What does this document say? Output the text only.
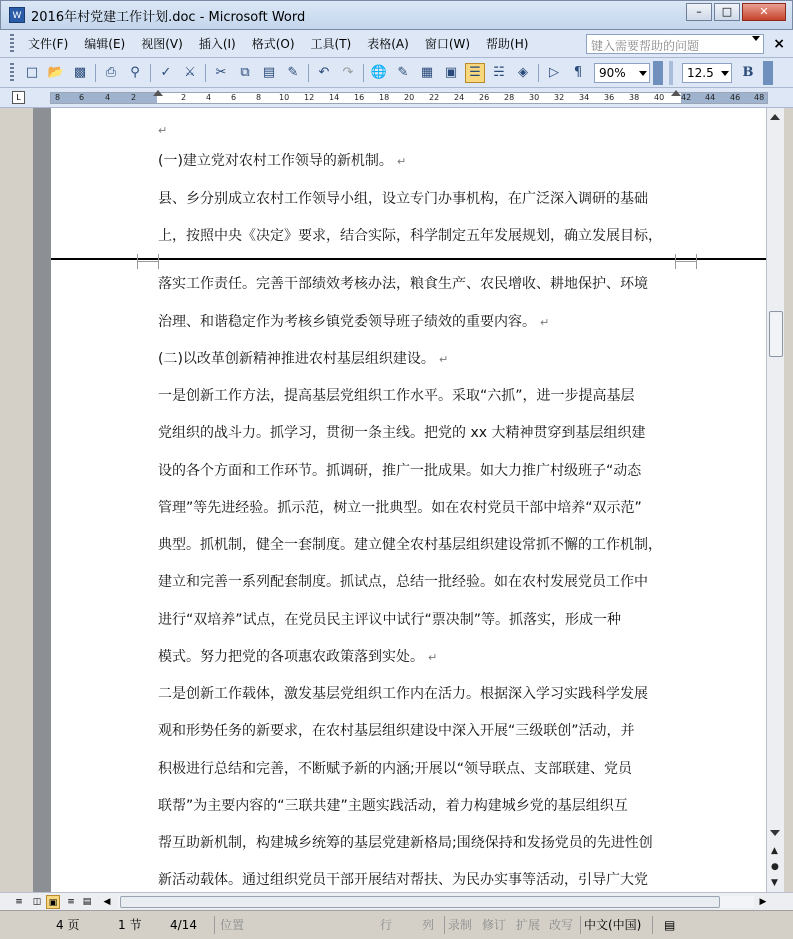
W 2016年村党建工作计划.doc - Microsoft Word	–	□	✕
文件(F)	编辑(E)	视图(V)	插入(I)	格式(O)	工具(T)	表格(A)	窗口(W)	帮助(H)	键入需要帮助的问题	×
□ 📂 ▩	⎙	⚲	✓ ⚔	✂	⧉	▤ ✎	↶	↷	🌐 ✎ ▦ ▣ ☰ ☵	◈	▷	¶	90%	12.5	B
L	8 6	4	2	2 4 6 8 10 12 14 16 18 20 22 24 26 28 30 32 34 36 38 40 42 44 46 48
↵
(一)建立党对农村工作领导的新机制。 ↵
县、乡分别成立农村工作领导小组，设立专门办事机构，在广泛深入调研的基础
上，按照中央《决定》要求，结合实际，科学制定五年发展规划，确立发展目标，
落实工作责任。完善干部绩效考核办法，粮食生产、农民增收、耕地保护、环境
治理、和谐稳定作为考核乡镇党委领导班子绩效的重要内容。 ↵
(二)以改革创新精神推进农村基层组织建设。 ↵
一是创新工作方法，提高基层党组织工作水平。采取“六抓”，进一步提高基层
党组织的战斗力。抓学习，贯彻一条主线。把党的 xx 大精神贯穿到基层组织建
设的各个方面和工作环节。抓调研，推广一批成果。如大力推广村级班子“动态
管理”等先进经验。抓示范，树立一批典型。如在农村党员干部中培养“双示范”
典型。抓机制，健全一套制度。建立健全农村基层组织建设常抓不懈的工作机制，
建立和完善一系列配套制度。抓试点，总结一批经验。如在农村发展党员工作中
进行“双培养”试点，在党员民主评议中试行“票决制”等。抓落实，形成一种
模式。努力把党的各项惠农政策落到实处。 ↵
二是创新工作载体，激发基层党组织工作内在活力。根据深入学习实践科学发展
观和形势任务的新要求，在农村基层组织建设中深入开展“三级联创”活动，并
积极进行总结和完善，不断赋予新的内涵;开展以“领导联点、支部联建、党员
联帮”为主要内容的“三联共建”主题实践活动，着力构建城乡党的基层组织互
帮互助新机制，构建城乡统筹的基层党建新格局;围绕保持和发扬党员的先进性创
新活动载体。通过组织党员干部开展结对帮扶、为民办实事等活动，引导广大党
▲
●
▼
≡	◫ ▣	≡ ▤	◀	▶
4 页	1 节 4/14 位置	行 列 录制 修订 扩展 改写 中文(中国) ▤
